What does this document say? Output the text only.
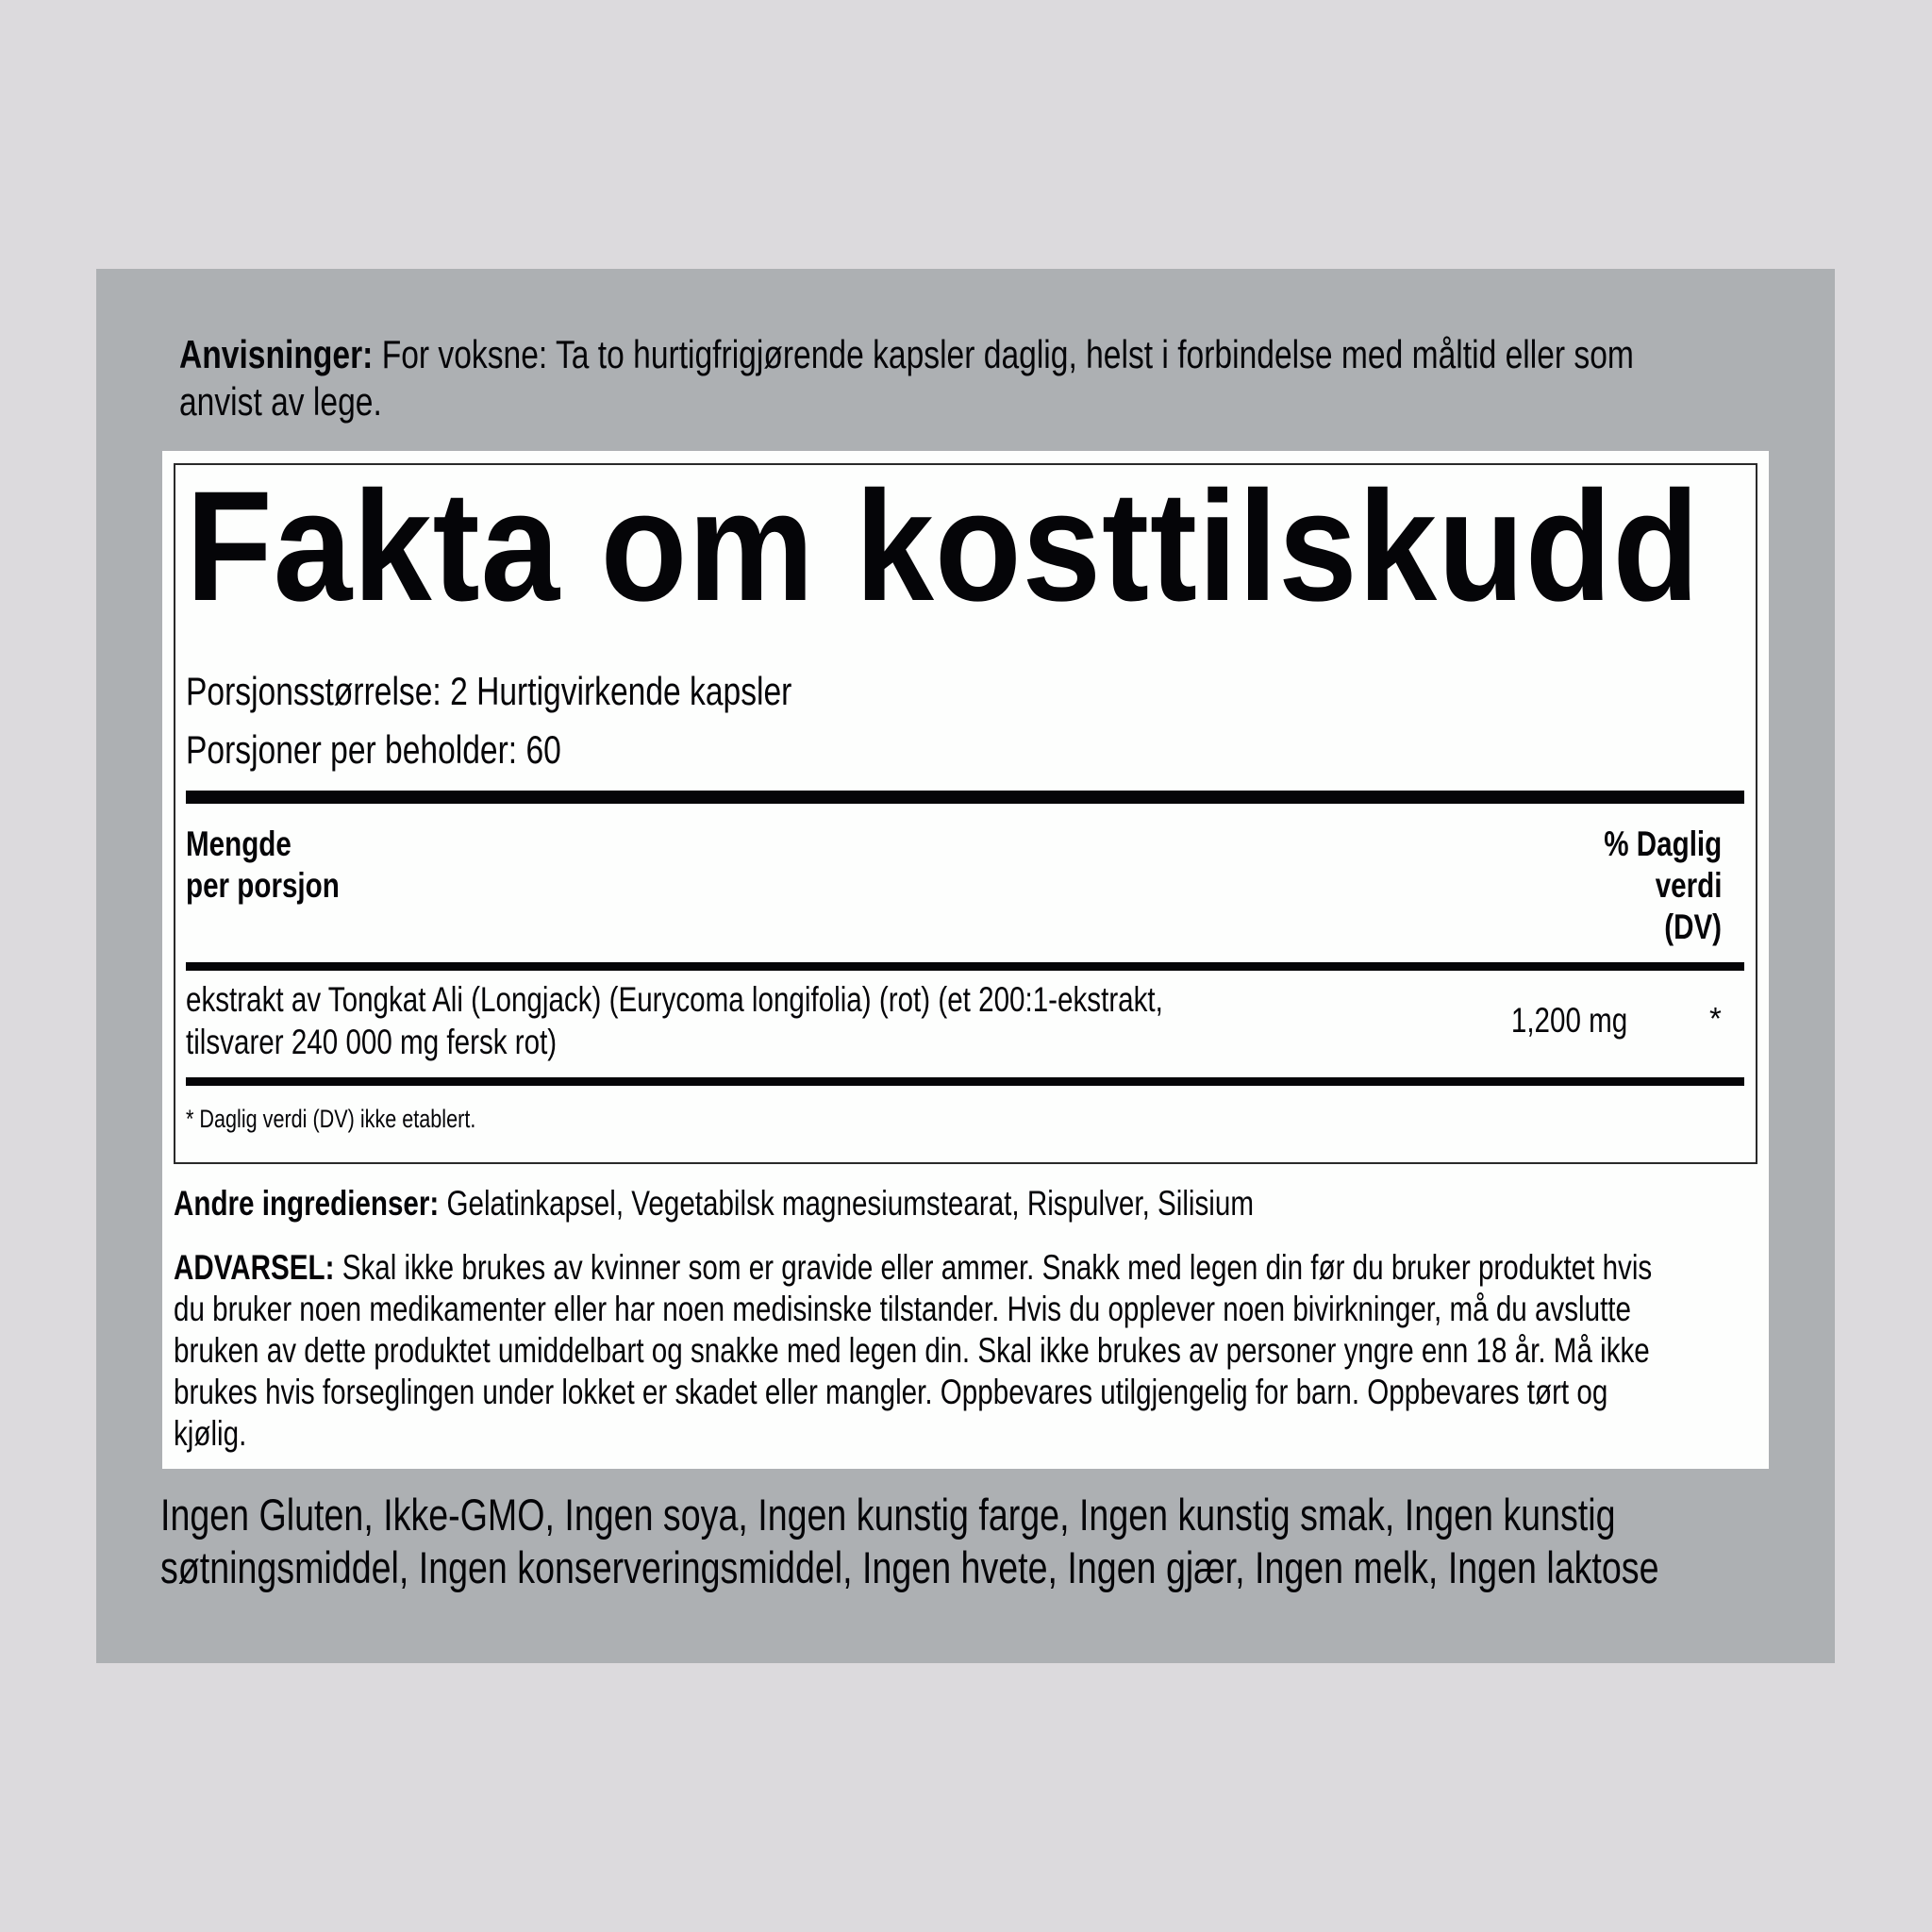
Anvisninger: For voksne: Ta to hurtigfrigjørende kapsler daglig, helst i forbindelse med måltid eller som
anvist av lege.
Fakta om kosttilskudd
Porsjonsstørrelse: 2 Hurtigvirkende kapsler
Porsjoner per beholder: 60
Mengde
per porsjon
% Daglig
verdi
(DV)
ekstrakt av Tongkat Ali (Longjack) (Eurycoma longifolia) (rot) (et 200:1-ekstrakt,
tilsvarer 240 000 mg fersk rot)
1,200 mg	*
* Daglig verdi (DV) ikke etablert.
Andre ingredienser: Gelatinkapsel, Vegetabilsk magnesiumstearat, Rispulver, Silisium
ADVARSEL: Skal ikke brukes av kvinner som er gravide eller ammer. Snakk med legen din før du bruker produktet hvis
du bruker noen medikamenter eller har noen medisinske tilstander. Hvis du opplever noen bivirkninger, må du avslutte
bruken av dette produktet umiddelbart og snakke med legen din. Skal ikke brukes av personer yngre enn 18 år. Må ikke
brukes hvis forseglingen under lokket er skadet eller mangler. Oppbevares utilgjengelig for barn. Oppbevares tørt og
kjølig.
Ingen Gluten, Ikke-GMO, Ingen soya, Ingen kunstig farge, Ingen kunstig smak, Ingen kunstig
søtningsmiddel, Ingen konserveringsmiddel, Ingen hvete, Ingen gjær, Ingen melk, Ingen laktose
